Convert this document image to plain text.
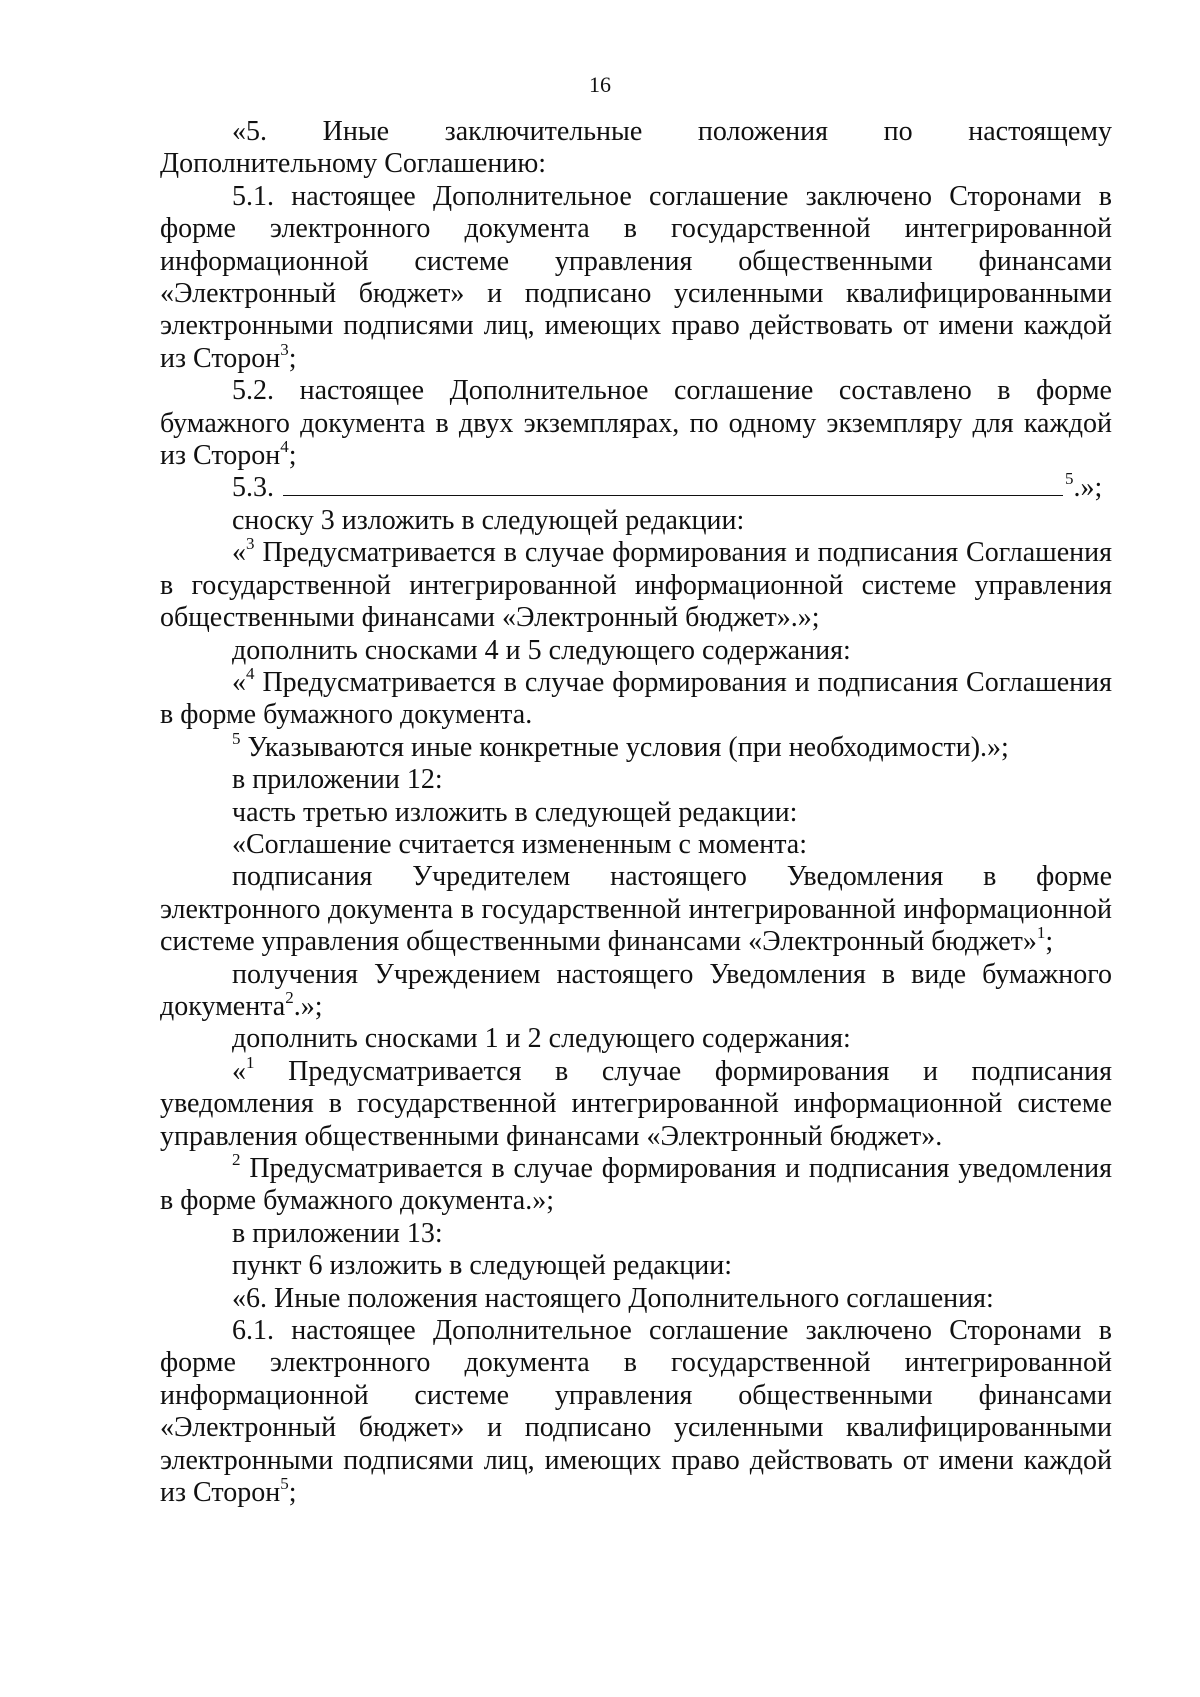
16

«5. Иные заключительные положения по настоящему

Дополнительному Соглашению:

5.1. настоящее Дополнительное соглашение заключено Сторонами в форме электронного документа в государственной интегрированной информационной системе управления общественными финансами «Электронный бюджет» и подписано усиленными квалифицированными электронными подписями лиц, имеющих право действовать от имени каждой из Сторон$^3$;

5.2. настоящее Дополнительное соглашение составлено в форме бумажного документа в двух экземплярах, по одному экземпляру для каждой из Сторон$^4$;

5.3.	$^5$.»;

сноску 3 изложить в следующей редакции:

«$^3$ Предусматривается в случае формирования и подписания Соглашения в государственной интегрированной информационной системе управления общественными финансами «Электронный бюджет».»;

дополнить сносками 4 и 5 следующего содержания:

«$^4$ Предусматривается в случае формирования и подписания Соглашения в форме бумажного документа.

$^5$ Указываются иные конкретные условия (при необходимости).»;

в приложении 12:

часть третью изложить в следующей редакции:

«Соглашение считается измененным с момента:

подписания Учредителем настоящего Уведомления в форме электронного документа в государственной интегрированной информационной системе управления общественными финансами «Электронный бюджет»$^1$;

получения Учреждением настоящего Уведомления в виде бумажного документа$^2$.»;

дополнить сносками 1 и 2 следующего содержания:

«$^1$ Предусматривается в случае формирования и подписания уведомления в государственной интегрированной информационной системе управления общественными финансами «Электронный бюджет».

$^2$ Предусматривается в случае формирования и подписания уведомления в форме бумажного документа.»;

в приложении 13:

пункт 6 изложить в следующей редакции:

«6. Иные положения настоящего Дополнительного соглашения:

6.1. настоящее Дополнительное соглашение заключено Сторонами в форме электронного документа в государственной интегрированной информационной системе управления общественными финансами «Электронный бюджет» и подписано усиленными квалифицированными электронными подписями лиц, имеющих право действовать от имени каждой из Сторон$^5$;
